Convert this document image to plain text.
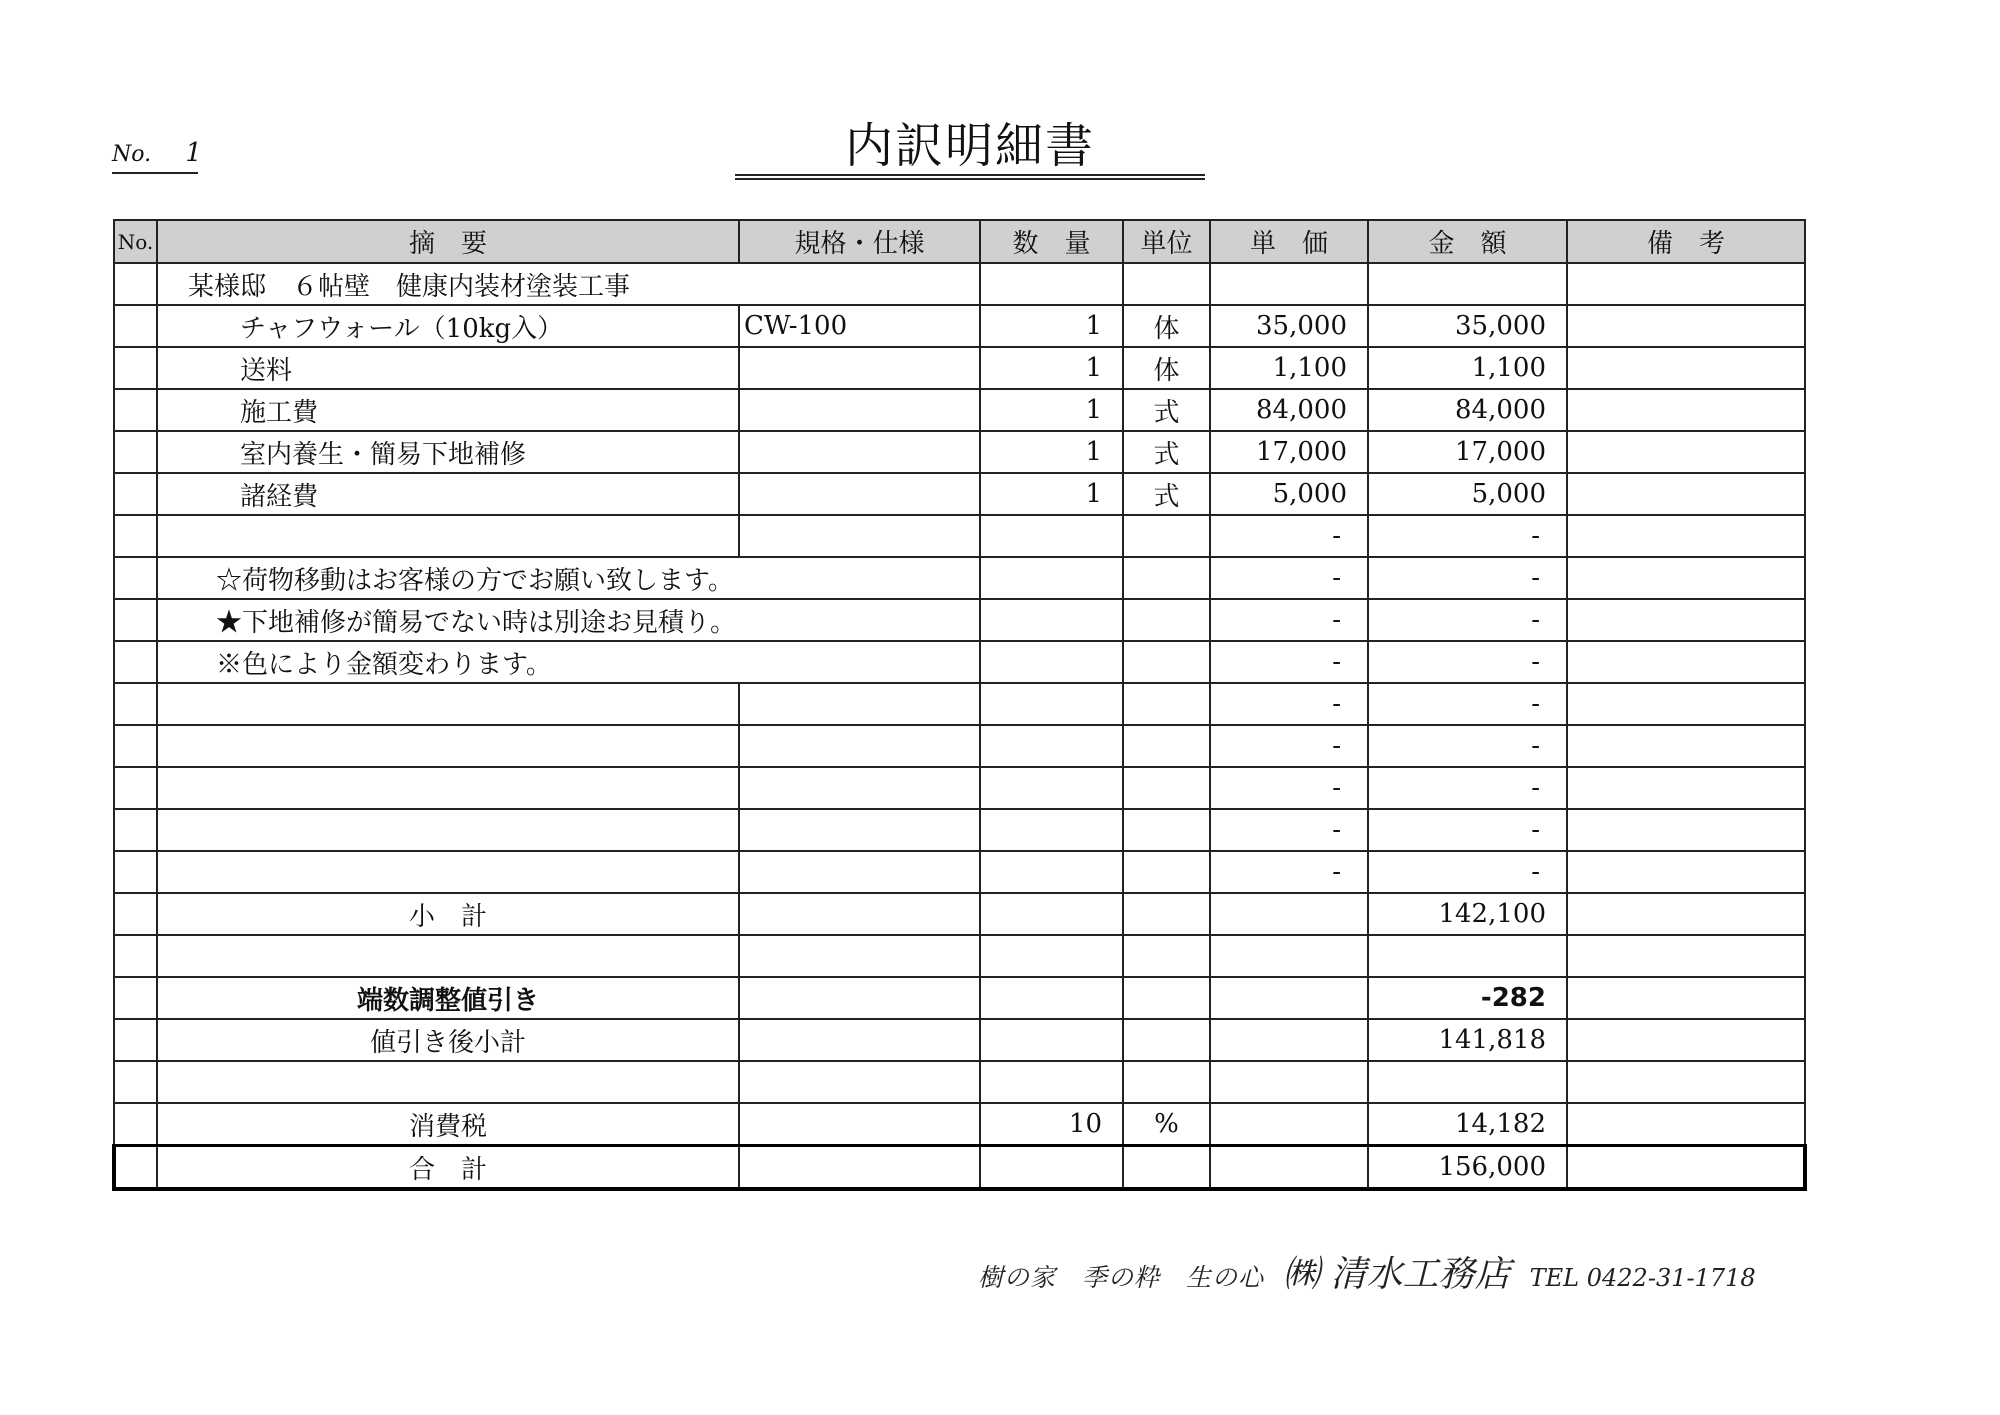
No. 1	内訳明細書
No.	摘　要	規格・仕様	数　量	単位	単　価	金　額	備　考
	某様邸　６帖壁　健康内装材塗装工事						
	チャフウォール（10kg入）	CW-100	1	体	35,000	35,000	
	送料		1	体	1,100	1,100	
	施工費		1	式	84,000	84,000	
	室内養生・簡易下地補修		1	式	17,000	17,000	
	諸経費		1	式	5,000	5,000	
					-	-	
	☆荷物移動はお客様の方でお願い致します。				-	-	
	★下地補修が簡易でない時は別途お見積り。				-	-	
	※色により金額変わります。				-	-	
					-	-	
					-	-	
					-	-	
					-	-	
					-	-	
	小　計					142,100	

	端数調整値引き					-282	
	値引き後小計					141,818	

	消費税		10	%		14,182	
	合　計					156,000	
樹の家　季の粋　生の心 ㈱ 清水工務店 TEL 0422-31-1718
